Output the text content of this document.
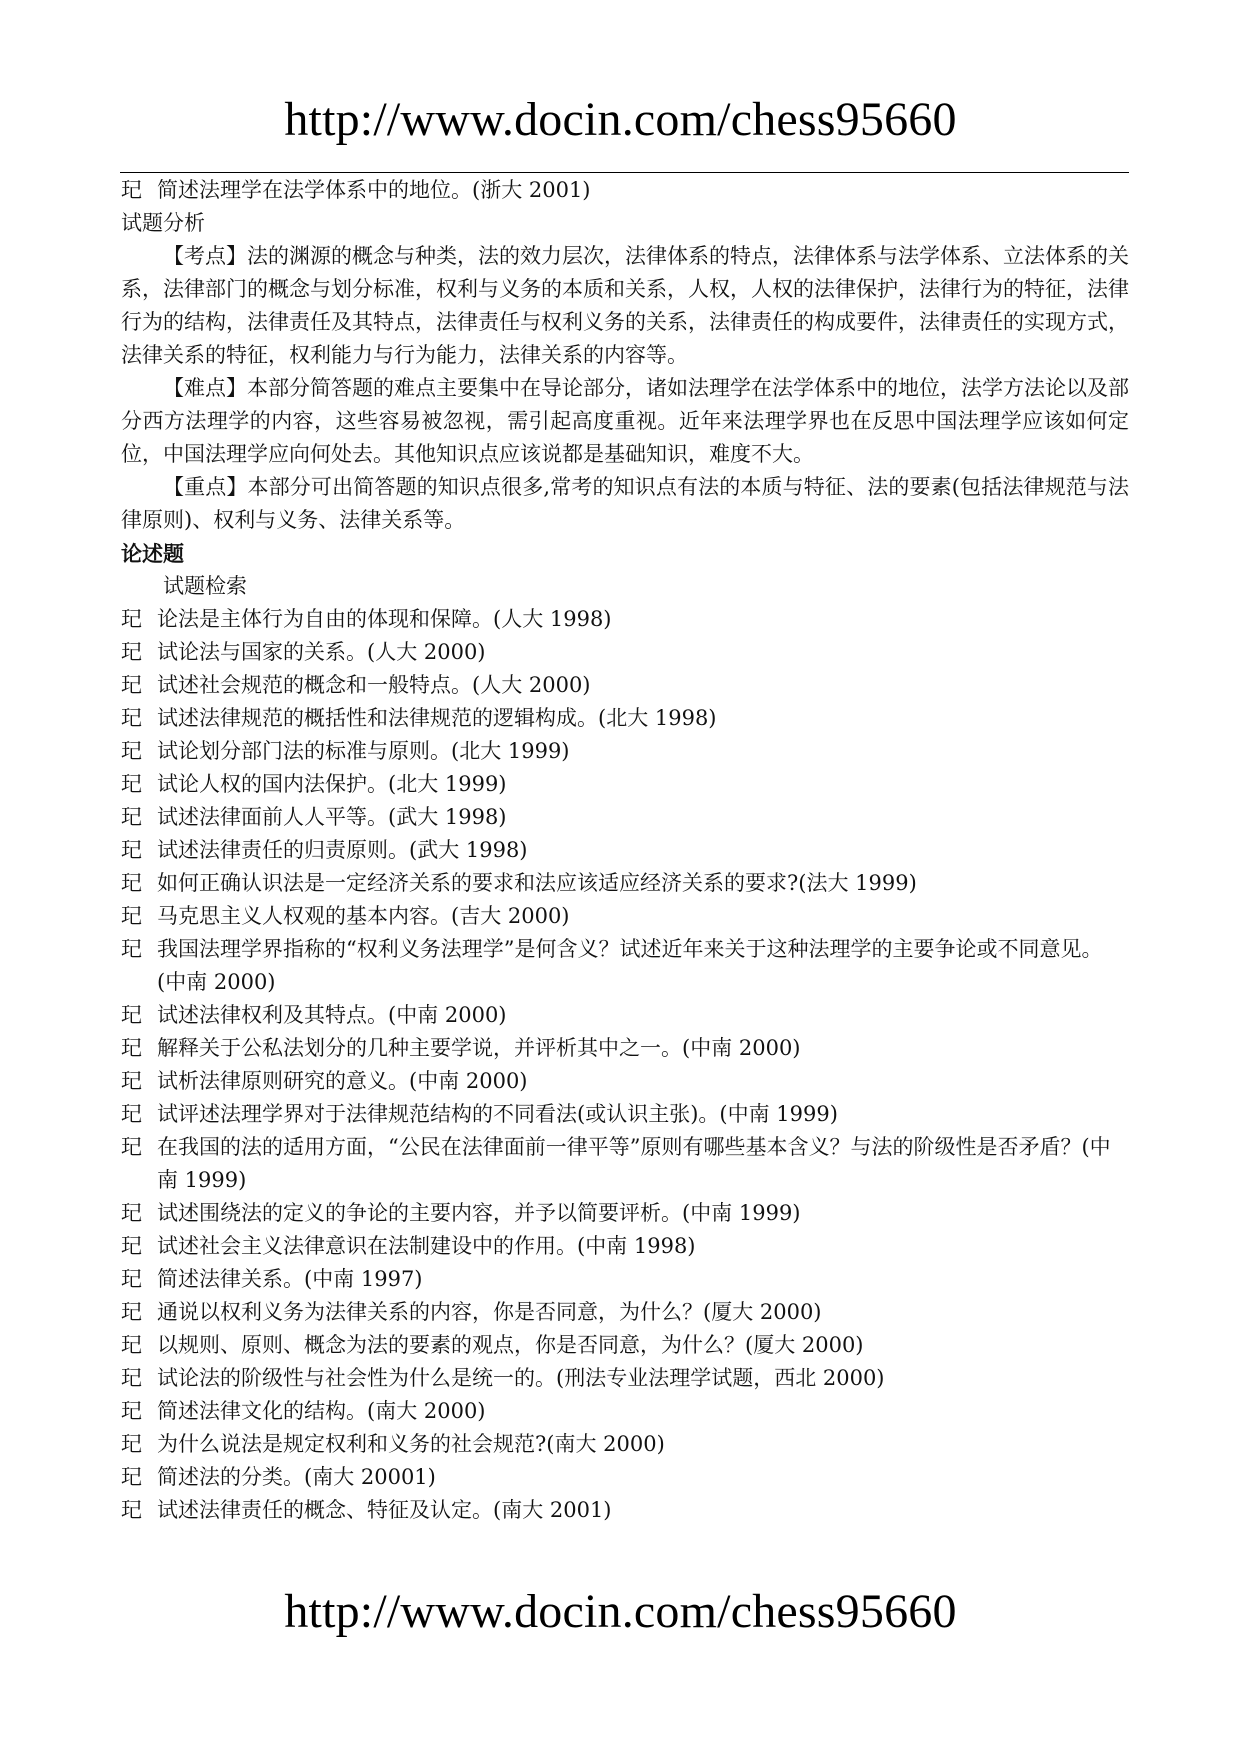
http://www.docin.com/chess95660
玘 简述法理学在法学体系中的地位。(浙大 2001)
试题分析
【考点】法的渊源的概念与种类，法的效力层次，法律体系的特点，法律体系与法学体系、立法体系的关系，法律部门的概念与划分标准，权利与义务的本质和关系，人权，人权的法律保护，法律行为的特征，法律行为的结构，法律责任及其特点，法律责任与权利义务的关系，法律责任的构成要件，法律责任的实现方式，法律关系的特征，权利能力与行为能力，法律关系的内容等。
【难点】本部分简答题的难点主要集中在导论部分，诸如法理学在法学体系中的地位，法学方法论以及部分西方法理学的内容，这些容易被忽视，需引起高度重视。近年来法理学界也在反思中国法理学应该如何定位，中国法理学应向何处去。其他知识点应该说都是基础知识，难度不大。
【重点】本部分可出简答题的知识点很多,常考的知识点有法的本质与特征、法的要素(包括法律规范与法律原则)、权利与义务、法律关系等。
论述题
试题检索
玘 论法是主体行为自由的体现和保障。(人大 1998)
玘 试论法与国家的关系。(人大 2000)
玘 试述社会规范的概念和一般特点。(人大 2000)
玘 试述法律规范的概括性和法律规范的逻辑构成。(北大 1998)
玘 试论划分部门法的标准与原则。(北大 1999)
玘 试论人权的国内法保护。(北大 1999)
玘 试述法律面前人人平等。(武大 1998)
玘 试述法律责任的归责原则。(武大 1998)
玘 如何正确认识法是一定经济关系的要求和法应该适应经济关系的要求?(法大 1999)
玘 马克思主义人权观的基本内容。(吉大 2000)
玘 我国法理学界指称的“权利义务法理学”是何含义？试述近年来关于这种法理学的主要争论或不同意见。(中南 2000)
玘 试述法律权利及其特点。(中南 2000)
玘 解释关于公私法划分的几种主要学说，并评析其中之一。(中南 2000)
玘 试析法律原则研究的意义。(中南 2000)
玘 试评述法理学界对于法律规范结构的不同看法(或认识主张)。(中南 1999)
玘 在我国的法的适用方面，“公民在法律面前一律平等”原则有哪些基本含义？与法的阶级性是否矛盾？(中南 1999)
玘 试述围绕法的定义的争论的主要内容，并予以简要评析。(中南 1999)
玘 试述社会主义法律意识在法制建设中的作用。(中南 1998)
玘 简述法律关系。(中南 1997)
玘 通说以权利义务为法律关系的内容，你是否同意，为什么？(厦大 2000)
玘 以规则、原则、概念为法的要素的观点，你是否同意，为什么？(厦大 2000)
玘 试论法的阶级性与社会性为什么是统一的。(刑法专业法理学试题，西北 2000)
玘 简述法律文化的结构。(南大 2000)
玘 为什么说法是规定权利和义务的社会规范?(南大 2000)
玘 简述法的分类。(南大 20001)
玘 试述法律责任的概念、特征及认定。(南大 2001)
http://www.docin.com/chess95660
